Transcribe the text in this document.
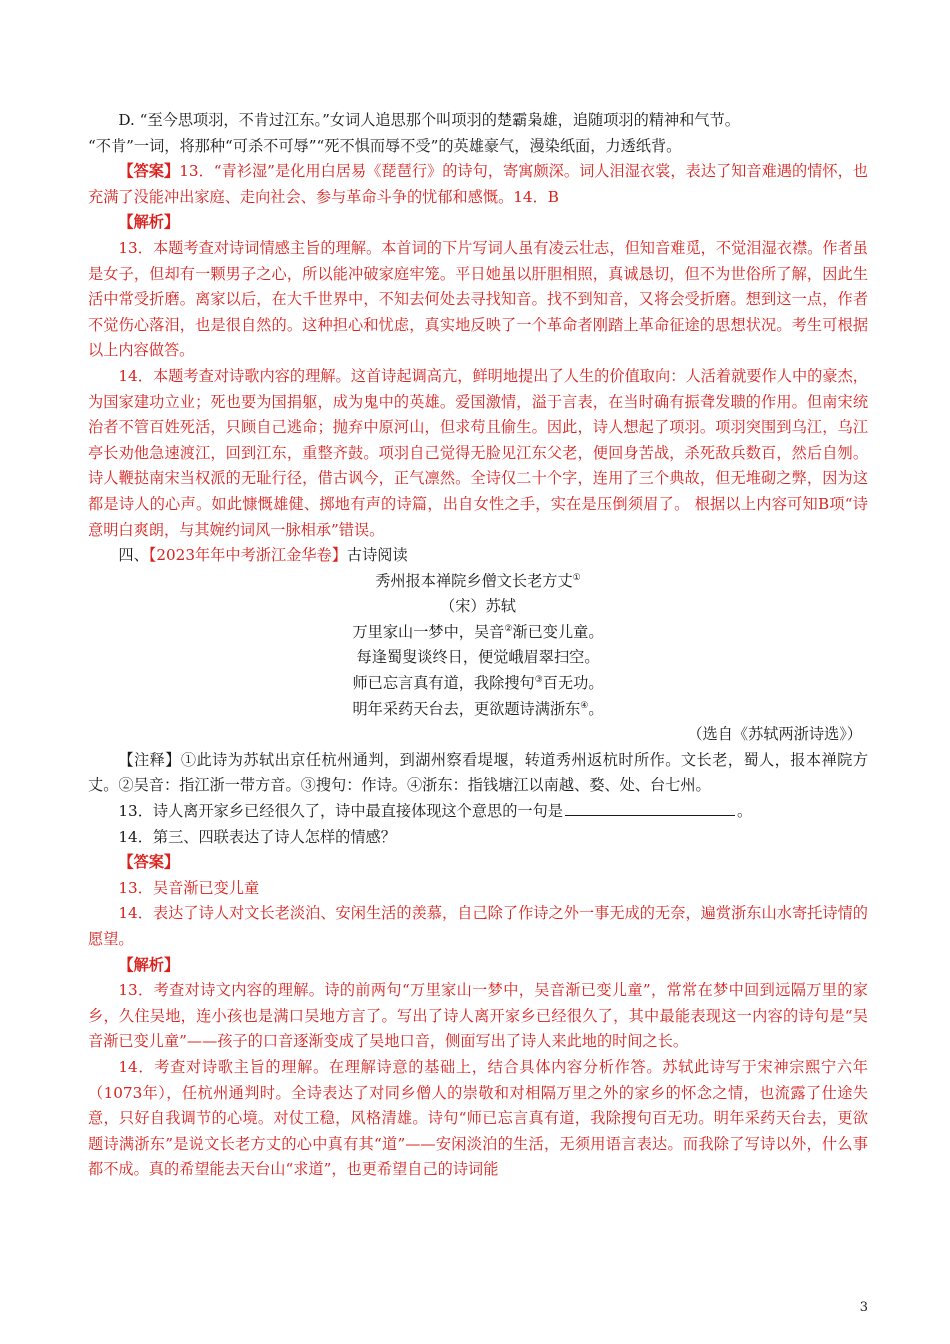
D. “至今思项羽，不肯过江东。”女词人追思那个叫项羽的楚霸枭雄，追随项羽的精神和气节。

“不肯”一词，将那种“可杀不可辱”“死不惧而辱不受”的英雄豪气，漫染纸面，力透纸背。

【答案】13．“青衫湿”是化用白居易《琵琶行》的诗句，寄寓颇深。词人泪湿衣裳，表达了知音难遇的情怀，也充满了没能冲出家庭、走向社会、参与革命斗争的忧郁和感慨。14．B

【解析】

13．本题考查对诗词情感主旨的理解。本首词的下片写词人虽有凌云壮志，但知音难觅，不觉泪湿衣襟。作者虽是女子，但却有一颗男子之心，所以能冲破家庭牢笼。平日她虽以肝胆相照，真诚恳切，但不为世俗所了解，因此生活中常受折磨。离家以后，在大千世界中，不知去何处去寻找知音。找不到知音，又将会受折磨。想到这一点，作者不觉伤心落泪，也是很自然的。这种担心和忧虑，真实地反映了一个革命者刚踏上革命征途的思想状况。考生可根据以上内容做答。

14．本题考查对诗歌内容的理解。这首诗起调高亢，鲜明地提出了人生的价值取向：人活着就要作人中的豪杰，为国家建功立业；死也要为国捐躯，成为鬼中的英雄。爱国激情，溢于言表，在当时确有振聋发聩的作用。但南宋统治者不管百姓死活，只顾自己逃命；抛弃中原河山，但求苟且偷生。因此，诗人想起了项羽。项羽突围到乌江，乌江亭长劝他急速渡江，回到江东，重整齐鼓。项羽自己觉得无脸见江东父老，便回身苦战，杀死敌兵数百，然后自刎。诗人鞭挞南宋当权派的无耻行径，借古讽今，正气凛然。全诗仅二十个字，连用了三个典故，但无堆砌之弊，因为这都是诗人的心声。如此慷慨雄健、掷地有声的诗篇，出自女性之手，实在是压倒须眉了。 根据以上内容可知B项“诗意明白爽朗，与其婉约词风一脉相承”错误。

四、【2023年年中考浙江金华卷】古诗阅读

秀州报本禅院乡僧文长老方丈①

（宋）苏轼

万里家山一梦中，吴音②渐已变儿童。

每逢蜀叟谈终日，便觉峨眉翠扫空。

师已忘言真有道，我除搜句③百无功。

明年采药天台去，更欲题诗满浙东④。

（选自《苏轼两浙诗选》）

【注释】①此诗为苏轼出京任杭州通判，到湖州察看堤堰，转道秀州返杭时所作。文长老，蜀人，报本禅院方丈。②吴音：指江浙一带方音。③搜句：作诗。④浙东：指钱塘江以南越、婺、处、台七州。

13．诗人离开家乡已经很久了，诗中最直接体现这个意思的一句是	。

14．第三、四联表达了诗人怎样的情感？

【答案】

13．吴音渐已变儿童

14．表达了诗人对文长老淡泊、安闲生活的羡慕，自己除了作诗之外一事无成的无奈，遍赏浙东山水寄托诗情的愿望。

【解析】

13．考查对诗文内容的理解。诗的前两句“万里家山一梦中，吴音渐已变儿童”，常常在梦中回到远隔万里的家乡，久住吴地，连小孩也是满口吴地方言了。写出了诗人离开家乡已经很久了，其中最能表现这一内容的诗句是“吴音渐已变儿童”——孩子的口音逐渐变成了吴地口音，侧面写出了诗人来此地的时间之长。

14．考查对诗歌主旨的理解。在理解诗意的基础上，结合具体内容分析作答。苏轼此诗写于宋神宗熙宁六年（1073年），任杭州通判时。全诗表达了对同乡僧人的崇敬和对相隔万里之外的家乡的怀念之情，也流露了仕途失意，只好自我调节的心境。对仗工稳，风格清雄。诗句“师已忘言真有道，我除搜句百无功。明年采药天台去，更欲题诗满浙东”是说文长老方丈的心中真有其“道”——安闲淡泊的生活，无须用语言表达。而我除了写诗以外，什么事都不成。真的希望能去天台山“求道”，也更希望自己的诗词能

3
